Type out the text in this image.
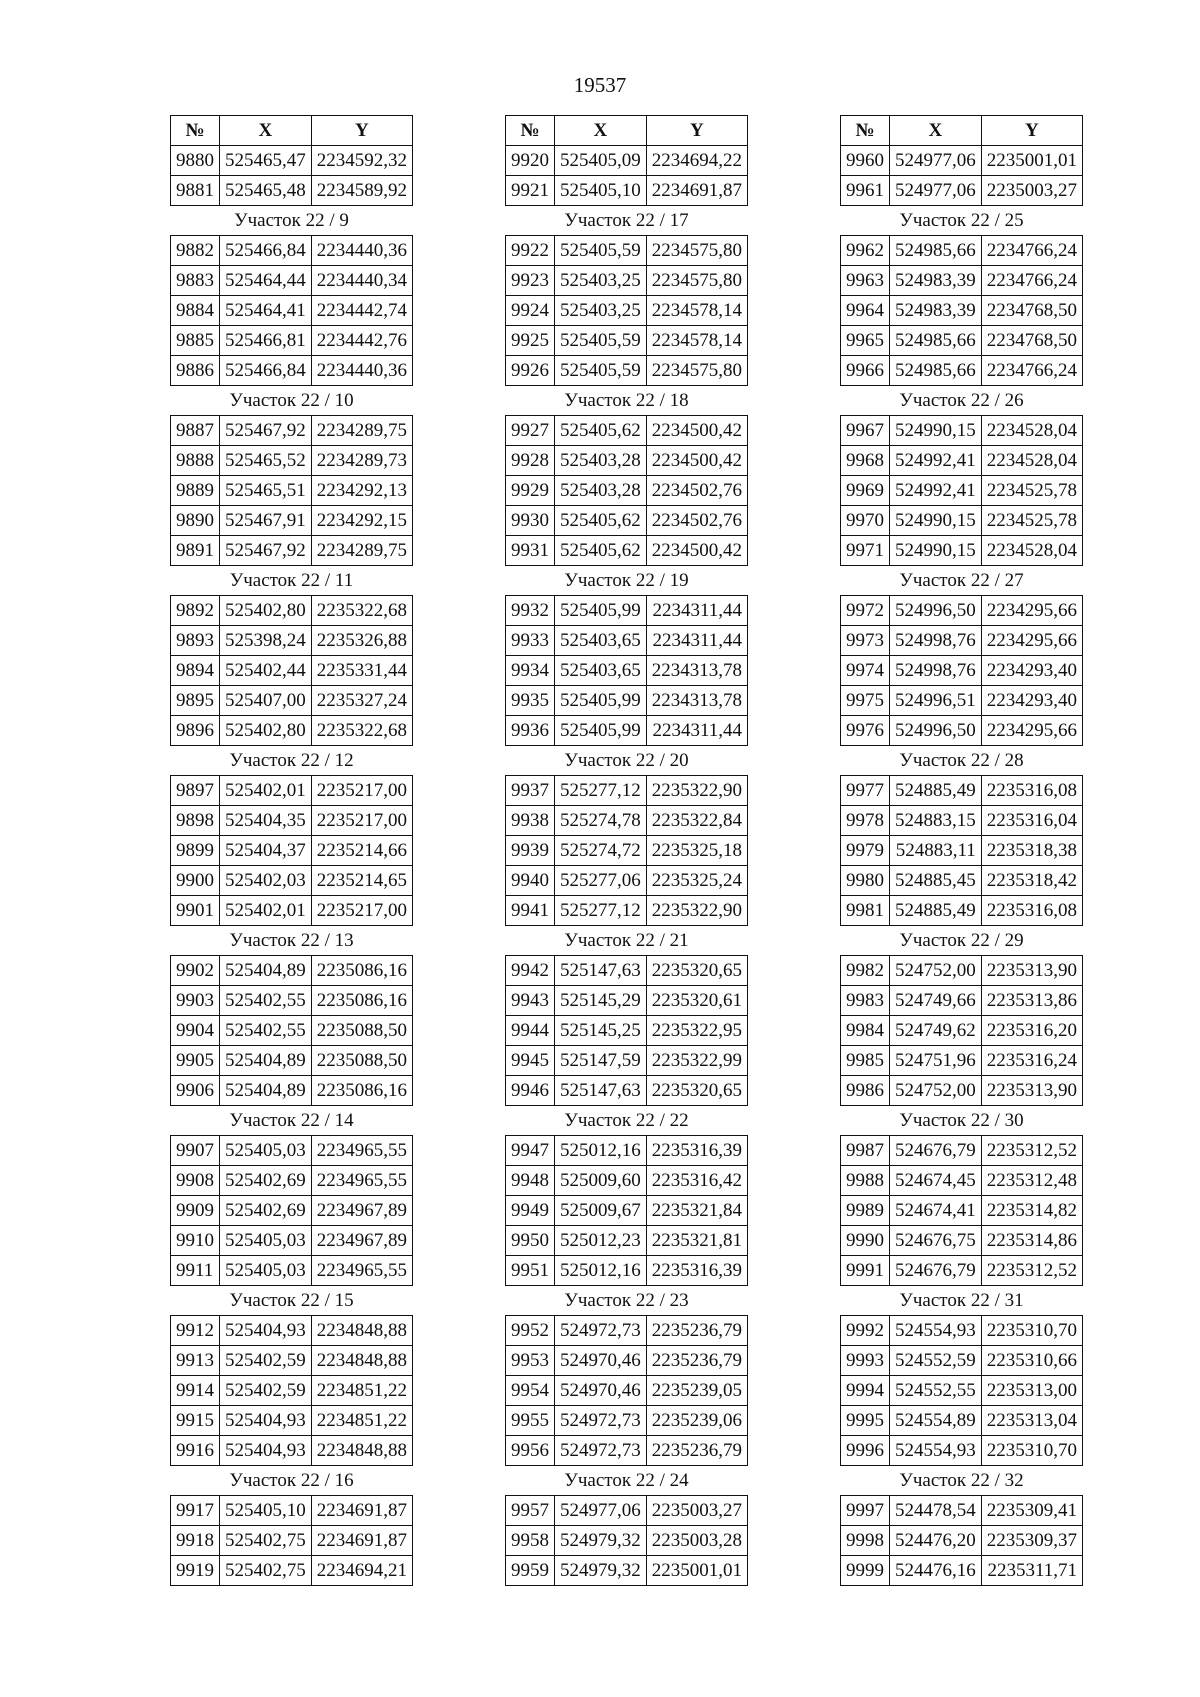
19537
№	X	Y
9880	525465,47	2234592,32
9881	525465,48	2234589,92
Участок 22 / 9		
9882	525466,84	2234440,36
9883	525464,44	2234440,34
9884	525464,41	2234442,74
9885	525466,81	2234442,76
9886	525466,84	2234440,36
Участок 22 / 10		
9887	525467,92	2234289,75
9888	525465,52	2234289,73
9889	525465,51	2234292,13
9890	525467,91	2234292,15
9891	525467,92	2234289,75
Участок 22 / 11		
9892	525402,80	2235322,68
9893	525398,24	2235326,88
9894	525402,44	2235331,44
9895	525407,00	2235327,24
9896	525402,80	2235322,68
Участок 22 / 12		
9897	525402,01	2235217,00
9898	525404,35	2235217,00
9899	525404,37	2235214,66
9900	525402,03	2235214,65
9901	525402,01	2235217,00
Участок 22 / 13		
9902	525404,89	2235086,16
9903	525402,55	2235086,16
9904	525402,55	2235088,50
9905	525404,89	2235088,50
9906	525404,89	2235086,16
Участок 22 / 14		
9907	525405,03	2234965,55
9908	525402,69	2234965,55
9909	525402,69	2234967,89
9910	525405,03	2234967,89
9911	525405,03	2234965,55
Участок 22 / 15		
9912	525404,93	2234848,88
9913	525402,59	2234848,88
9914	525402,59	2234851,22
9915	525404,93	2234851,22
9916	525404,93	2234848,88
Участок 22 / 16		
9917	525405,10	2234691,87
9918	525402,75	2234691,87
9919	525402,75	2234694,21
№	X	Y
9920	525405,09	2234694,22
9921	525405,10	2234691,87
Участок 22 / 17		
9922	525405,59	2234575,80
9923	525403,25	2234575,80
9924	525403,25	2234578,14
9925	525405,59	2234578,14
9926	525405,59	2234575,80
Участок 22 / 18		
9927	525405,62	2234500,42
9928	525403,28	2234500,42
9929	525403,28	2234502,76
9930	525405,62	2234502,76
9931	525405,62	2234500,42
Участок 22 / 19		
9932	525405,99	2234311,44
9933	525403,65	2234311,44
9934	525403,65	2234313,78
9935	525405,99	2234313,78
9936	525405,99	2234311,44
Участок 22 / 20		
9937	525277,12	2235322,90
9938	525274,78	2235322,84
9939	525274,72	2235325,18
9940	525277,06	2235325,24
9941	525277,12	2235322,90
Участок 22 / 21		
9942	525147,63	2235320,65
9943	525145,29	2235320,61
9944	525145,25	2235322,95
9945	525147,59	2235322,99
9946	525147,63	2235320,65
Участок 22 / 22		
9947	525012,16	2235316,39
9948	525009,60	2235316,42
9949	525009,67	2235321,84
9950	525012,23	2235321,81
9951	525012,16	2235316,39
Участок 22 / 23		
9952	524972,73	2235236,79
9953	524970,46	2235236,79
9954	524970,46	2235239,05
9955	524972,73	2235239,06
9956	524972,73	2235236,79
Участок 22 / 24		
9957	524977,06	2235003,27
9958	524979,32	2235003,28
9959	524979,32	2235001,01
№	X	Y
9960	524977,06	2235001,01
9961	524977,06	2235003,27
Участок 22 / 25		
9962	524985,66	2234766,24
9963	524983,39	2234766,24
9964	524983,39	2234768,50
9965	524985,66	2234768,50
9966	524985,66	2234766,24
Участок 22 / 26		
9967	524990,15	2234528,04
9968	524992,41	2234528,04
9969	524992,41	2234525,78
9970	524990,15	2234525,78
9971	524990,15	2234528,04
Участок 22 / 27		
9972	524996,50	2234295,66
9973	524998,76	2234295,66
9974	524998,76	2234293,40
9975	524996,51	2234293,40
9976	524996,50	2234295,66
Участок 22 / 28		
9977	524885,49	2235316,08
9978	524883,15	2235316,04
9979	524883,11	2235318,38
9980	524885,45	2235318,42
9981	524885,49	2235316,08
Участок 22 / 29		
9982	524752,00	2235313,90
9983	524749,66	2235313,86
9984	524749,62	2235316,20
9985	524751,96	2235316,24
9986	524752,00	2235313,90
Участок 22 / 30		
9987	524676,79	2235312,52
9988	524674,45	2235312,48
9989	524674,41	2235314,82
9990	524676,75	2235314,86
9991	524676,79	2235312,52
Участок 22 / 31		
9992	524554,93	2235310,70
9993	524552,59	2235310,66
9994	524552,55	2235313,00
9995	524554,89	2235313,04
9996	524554,93	2235310,70
Участок 22 / 32		
9997	524478,54	2235309,41
9998	524476,20	2235309,37
9999	524476,16	2235311,71
